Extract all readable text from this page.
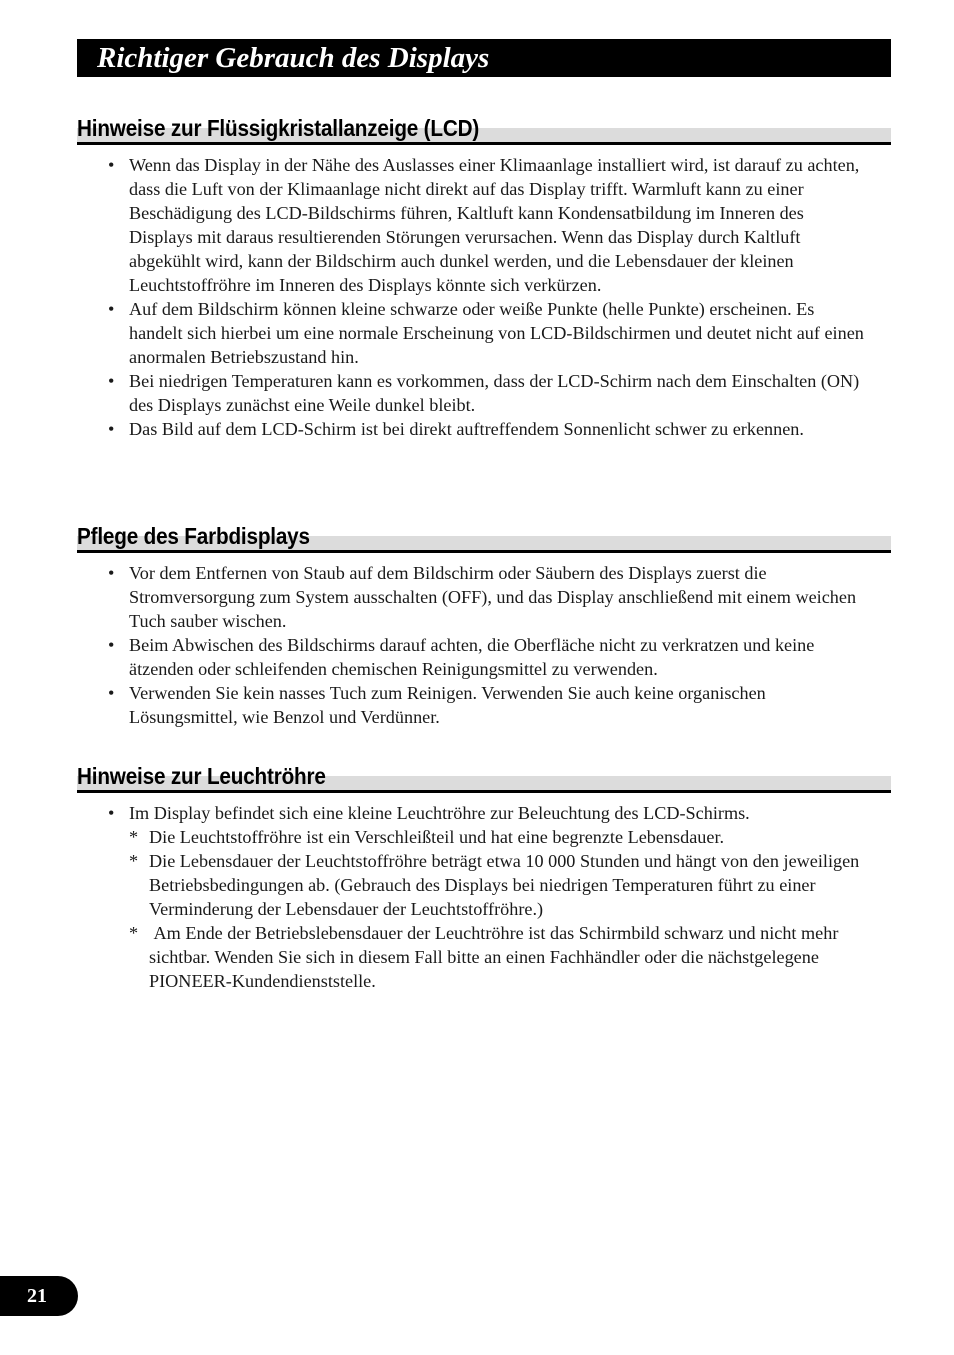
Richtiger Gebrauch des Displays
Hinweise zur Flüssigkristallanzeige (LCD)
• Wenn das Display in der Nähe des Auslasses einer Klimaanlage installiert wird, ist darauf zu achten, dass die Luft von der Klimaanlage nicht direkt auf das Display trifft. Warmluft kann zu einer Beschädigung des LCD-Bildschirms führen, Kaltluft kann Kondensatbildung im Inneren des Displays mit daraus resultierenden Störungen verursachen. Wenn das Display durch Kaltluft abgekühlt wird, kann der Bildschirm auch dunkel werden, und die Lebensdauer der kleinen Leuchtstoffröhre im Inneren des Displays könnte sich verkürzen.
• Auf dem Bildschirm können kleine schwarze oder weiße Punkte (helle Punkte) erscheinen. Es handelt sich hierbei um eine normale Erscheinung von LCD-Bildschirmen und deutet nicht auf einen anormalen Betriebszustand hin.
• Bei niedrigen Temperaturen kann es vorkommen, dass der LCD-Schirm nach dem Einschalten (ON) des Displays zunächst eine Weile dunkel bleibt.
• Das Bild auf dem LCD-Schirm ist bei direkt auftreffendem Sonnenlicht schwer zu erkennen.
Pflege des Farbdisplays
• Vor dem Entfernen von Staub auf dem Bildschirm oder Säubern des Displays zuerst die Stromversorgung zum System ausschalten (OFF), und das Display anschließend mit einem weichen Tuch sauber wischen.
• Beim Abwischen des Bildschirms darauf achten, die Oberfläche nicht zu verkratzen und keine ätzenden oder schleifenden chemischen Reinigungsmittel zu verwenden.
• Verwenden Sie kein nasses Tuch zum Reinigen. Verwenden Sie auch keine organischen Lösungsmittel, wie Benzol und Verdünner.
Hinweise zur Leuchtröhre
• Im Display befindet sich eine kleine Leuchtröhre zur Beleuchtung des LCD-Schirms.
* Die Leuchtstoffröhre ist ein Verschleißteil und hat eine begrenzte Lebensdauer.
* Die Lebensdauer der Leuchtstoffröhre beträgt etwa 10 000 Stunden und hängt von den jeweiligen Betriebsbedingungen ab. (Gebrauch des Displays bei niedrigen Temperaturen führt zu einer Verminderung der Lebensdauer der Leuchtstoffröhre.)
* Am Ende der Betriebslebensdauer der Leuchtröhre ist das Schirmbild schwarz und nicht mehr sichtbar. Wenden Sie sich in diesem Fall bitte an einen Fachhändler oder die nächstgelegene PIONEER-Kundendienststelle.
21
